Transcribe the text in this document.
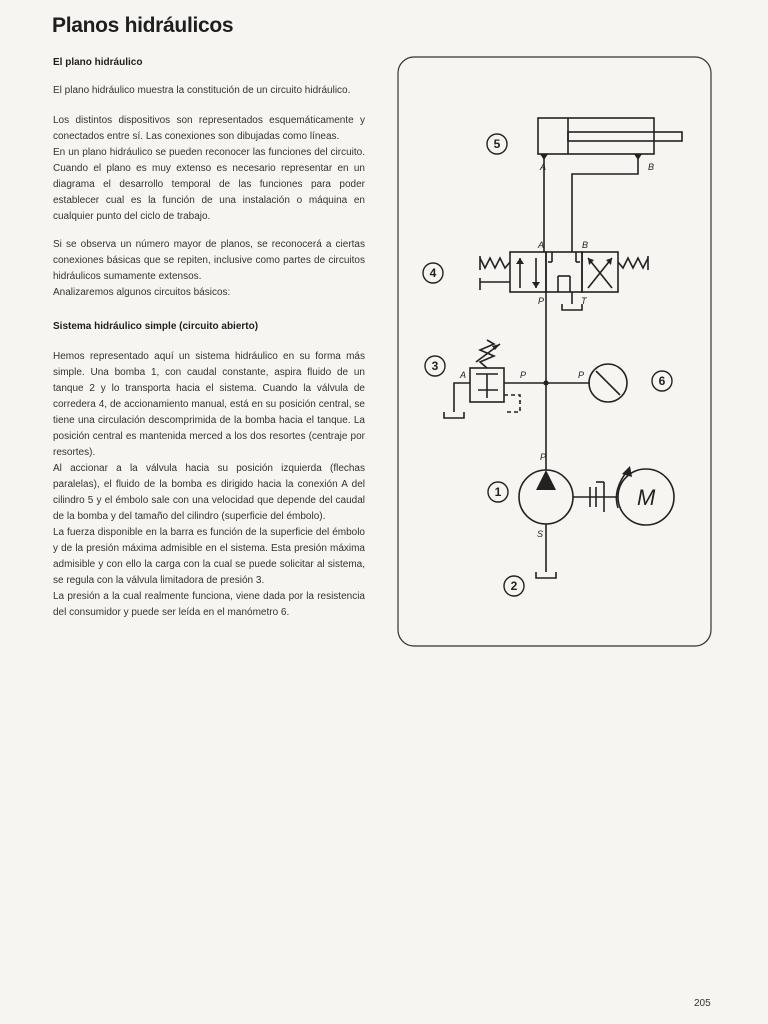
Planos hidráulicos
El plano hidráulico

El plano hidráulico muestra la constitución de un circuito hidráulico.

Los distintos dispositivos son representados esquemáticamente y conectados entre sí. Las conexiones son dibujadas como líneas.

En un plano hidráulico se pueden reconocer las funciones del circuito. Cuando el plano es muy extenso es necesario representar en un diagrama el desarrollo temporal de las funciones para poder establecer cual es la función de una instalación o máquina en cualquier punto del ciclo de trabajo.

Si se observa un número mayor de planos, se reconocerá a ciertas conexiones básicas que se repiten, inclusive como partes de circuitos hidráulicos sumamente extensos.

Analizaremos algunos circuitos básicos:

Sistema hidráulico simple (circuito abierto)

Hemos representado aquí un sistema hidráulico en su forma más simple. Una bomba 1, con caudal constante, aspira fluido de un tanque 2 y lo transporta hacia el sistema. Cuando la válvula de corredera 4, de accionamiento manual, está en su posición central, se tiene una circulación descomprimida de la bomba hacia el tanque. La posición central es mantenida merced a los dos resortes (centraje por resortes).

Al accionar a la válvula hacia su posición izquierda (flechas paralelas), el fluido de la bomba es dirigido hacia la conexión A del cilindro 5 y el émbolo sale con una velocidad que depende del caudal de la bomba y del tamaño del cilindro (superficie del émbolo).

La fuerza disponible en la barra es función de la superficie del émbolo y de la presión máxima admisible en el sistema. Esta presión máxima admisible y con ello la carga con la cual se puede solicitar al sistema, se regula con la válvula limitadora de presión 3.

La presión a la cual realmente funciona, viene dada por la resistencia del consumidor y puede ser leída en el manómetro 6.

A	B
A	B
P	T
A	P	P
P
S
M
5
4
3
6
1
2
205
